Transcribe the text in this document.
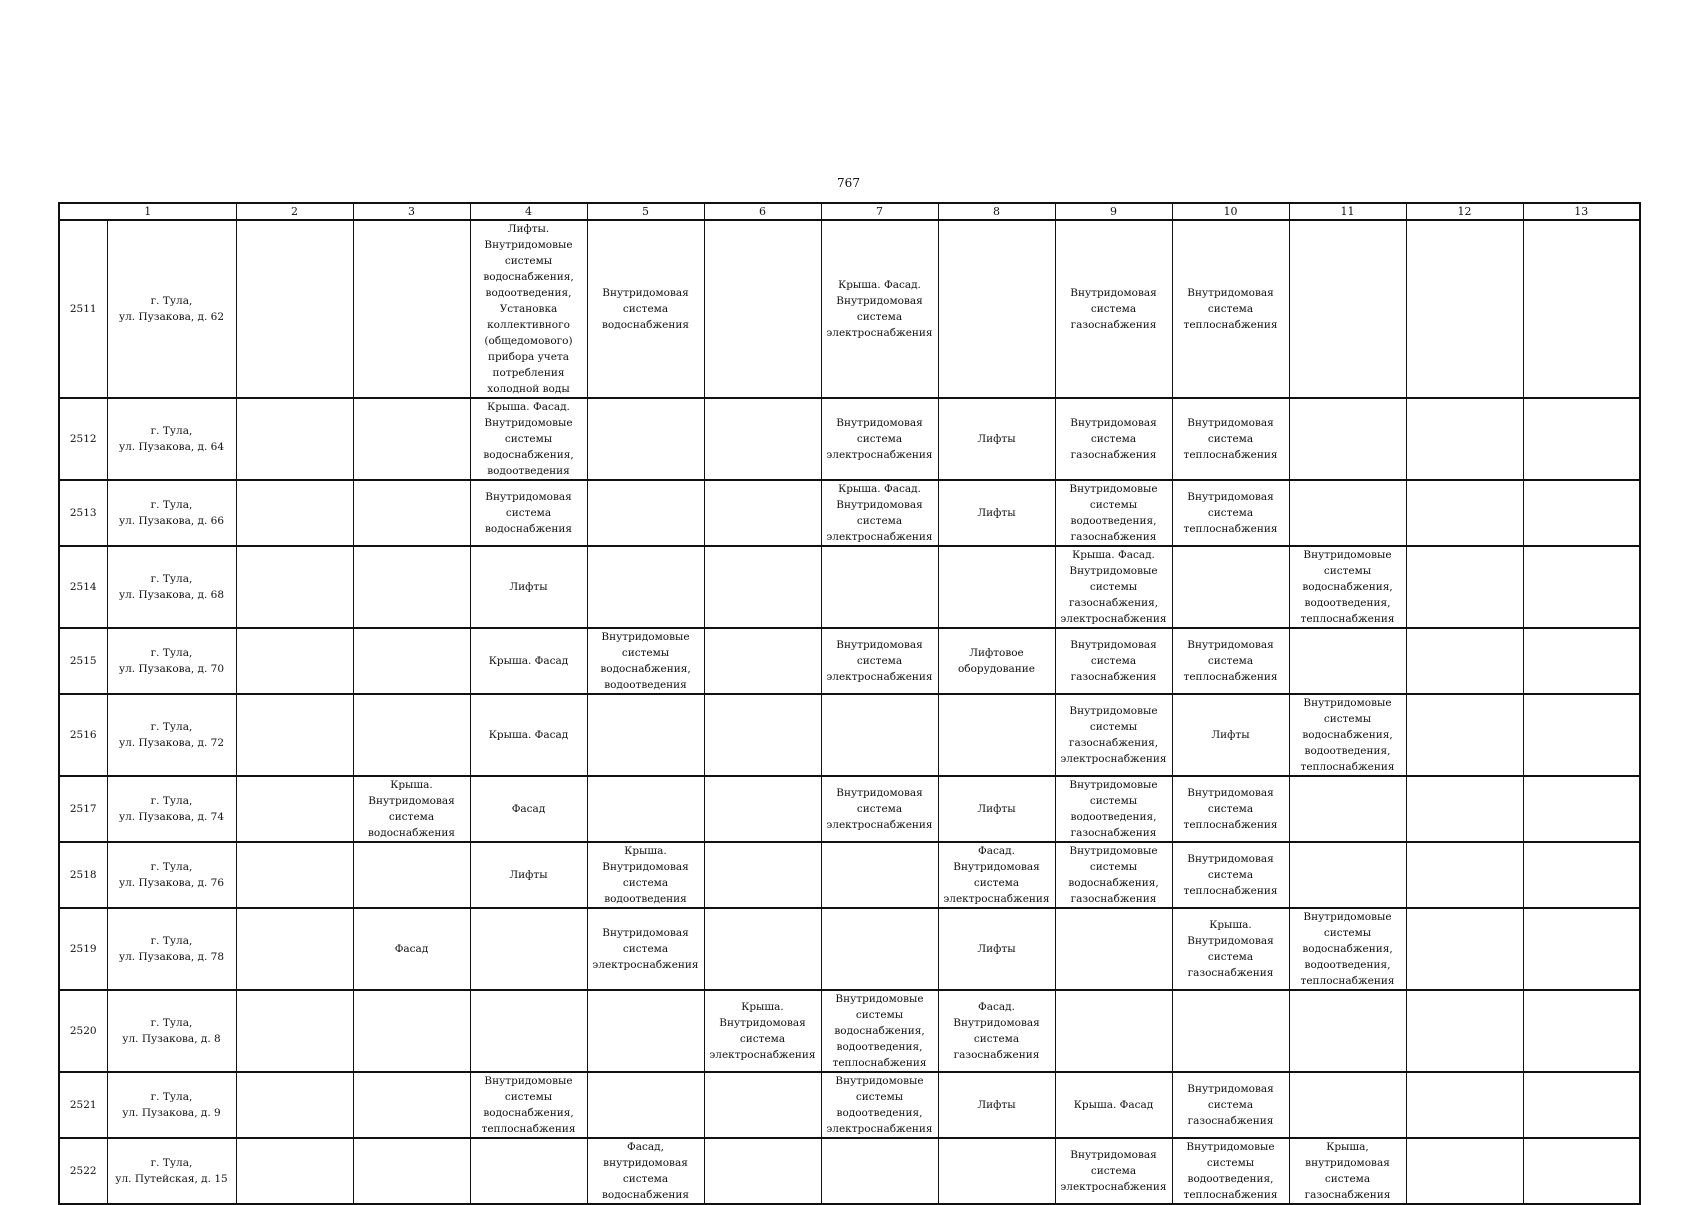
767
1		2	3	4	5	6	7	8	9	10	11	12	13
2511	г. Тула,
ул. Пузакова, д. 62			Лифты. Внутридомовые системы водоснабжения, водоотведения, Установка коллективного (общедомового) прибора учета потребления холодной воды	Внутридомовая система водоснабжения		Крыша. Фасад. Внутридомовая система электроснабжения		Внутридомовая система газоснабжения	Внутридомовая система теплоснабжения			
2512	г. Тула,
ул. Пузакова, д. 64			Крыша. Фасад. Внутридомовые системы водоснабжения, водоотведения			Внутридомовая система электроснабжения	Лифты	Внутридомовая система газоснабжения	Внутридомовая система теплоснабжения			
2513	г. Тула,
ул. Пузакова, д. 66			Внутридомовая система водоснабжения			Крыша. Фасад. Внутридомовая система электроснабжения	Лифты	Внутридомовые системы водоотведения, газоснабжения	Внутридомовая система теплоснабжения			
2514	г. Тула,
ул. Пузакова, д. 68			Лифты					Крыша. Фасад. Внутридомовые системы газоснабжения, электроснабжения		Внутридомовые системы водоснабжения, водоотведения, теплоснабжения		
2515	г. Тула,
ул. Пузакова, д. 70			Крыша. Фасад	Внутридомовые системы водоснабжения, водоотведения		Внутридомовая система электроснабжения	Лифтовое оборудование	Внутридомовая система газоснабжения	Внутридомовая система теплоснабжения			
2516	г. Тула,
ул. Пузакова, д. 72			Крыша. Фасад					Внутридомовые системы газоснабжения, электроснабжения	Лифты	Внутридомовые системы водоснабжения, водоотведения, теплоснабжения		
2517	г. Тула,
ул. Пузакова, д. 74		Крыша. Внутридомовая система водоснабжения	Фасад			Внутридомовая система электроснабжения	Лифты	Внутридомовые системы водоотведения, газоснабжения	Внутридомовая система теплоснабжения			
2518	г. Тула,
ул. Пузакова, д. 76			Лифты	Крыша. Внутридомовая система водоотведения			Фасад. Внутридомовая система электроснабжения	Внутридомовые системы водоснабжения, газоснабжения	Внутридомовая система теплоснабжения			
2519	г. Тула,
ул. Пузакова, д. 78		Фасад		Внутридомовая система электроснабжения			Лифты		Крыша. Внутридомовая система газоснабжения	Внутридомовые системы водоснабжения, водоотведения, теплоснабжения		
2520	г. Тула,
ул. Пузакова, д. 8					Крыша. Внутридомовая система электроснабжения	Внутридомовые системы водоснабжения, водоотведения, теплоснабжения	Фасад. Внутридомовая система газоснабжения					
2521	г. Тула,
ул. Пузакова, д. 9			Внутридомовые системы водоснабжения, теплоснабжения			Внутридомовые системы водоотведения, электроснабжения	Лифты	Крыша. Фасад	Внутридомовая система газоснабжения			
2522	г. Тула,
ул. Путейская, д. 15				Фасад, внутридомовая система водоснабжения				Внутридомовая система электроснабжения	Внутридомовые системы водоотведения, теплоснабжения	Крыша, внутридомовая система газоснабжения		
